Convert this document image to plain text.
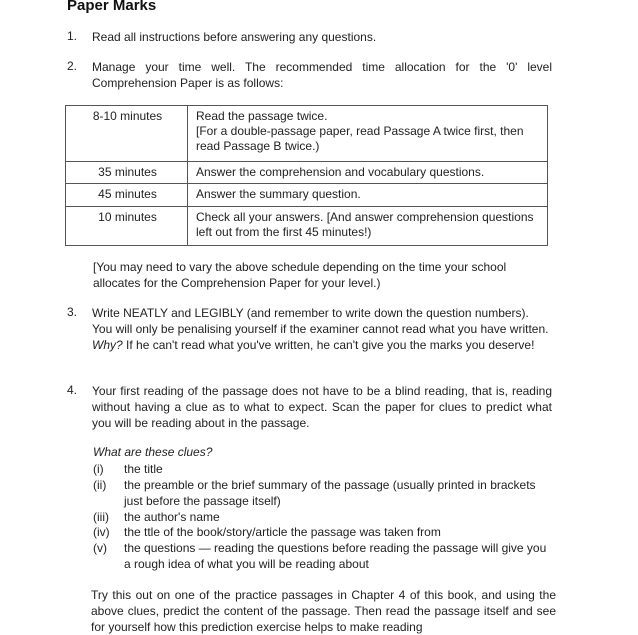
Paper Marks
1. Read all instructions before answering any questions.
2. Manage your time well. The recommended time allocation for the '0' level Comprehension Paper is as follows:
8-10 minutes	Read the passage twice.
[For a double-passage paper, read Passage A twice first, then read Passage B twice.)
35 minutes	Answer the comprehension and vocabulary questions.
45 minutes	Answer the summary question.
10 minutes	Check all your answers. [And answer comprehension questions left out from the first 45 minutes!)
[You may need to vary the above schedule depending on the time your school allocates for the Comprehension Paper for your level.)
3. Write NEATLY and LEGIBLY (and remember to write down the question numbers). You will only be penalising yourself if the examiner cannot read what you have written. Why? If he can't read what you've written, he can't give you the marks you deserve!
4. Your first reading of the passage does not have to be a blind reading, that is, reading without having a clue as to what to expect. Scan the paper for clues to predict what you will be reading about in the passage.
What are these clues?
(i) the title
(ii) the preamble or the brief summary of the passage (usually printed in brackets just before the passage itself)
(iii) the author's name
(iv) the ttle of the book/story/article the passage was taken from
(v) the questions — reading the questions before reading the passage will give you a rough idea of what you will be reading about
Try this out on one of the practice passages in Chapter 4 of this book, and using the above clues, predict the content of the passage. Then read the passage itself and see for yourself how this prediction exercise helps to make reading
